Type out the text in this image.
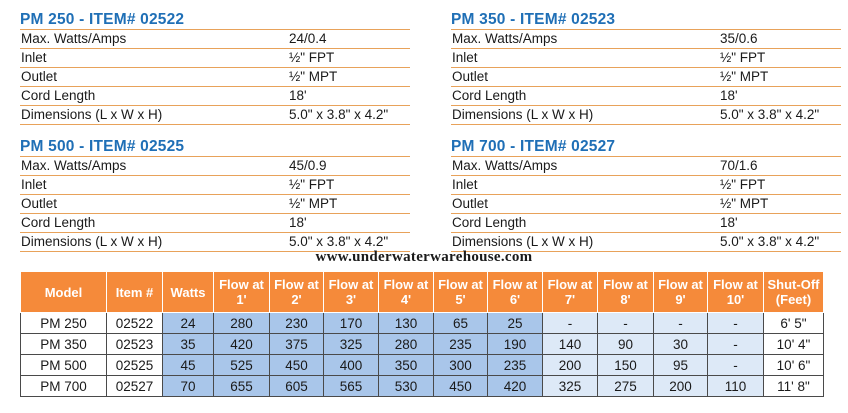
PM 250 - ITEM# 02522
Max. Watts/Amps	24/0.4
Inlet	½" FPT
Outlet	½" MPT
Cord Length	18'
Dimensions (L x W x H)	5.0" x 3.8" x 4.2"
PM 350 - ITEM# 02523
Max. Watts/Amps	35/0.6
Inlet	½" FPT
Outlet	½" MPT
Cord Length	18'
Dimensions (L x W x H)	5.0" x 3.8" x 4.2"
PM 500 - ITEM# 02525
Max. Watts/Amps	45/0.9
Inlet	½" FPT
Outlet	½" MPT
Cord Length	18'
Dimensions (L x W x H)	5.0" x 3.8" x 4.2"
PM 700 - ITEM# 02527
Max. Watts/Amps	70/1.6
Inlet	½" FPT
Outlet	½" MPT
Cord Length	18'
Dimensions (L x W x H)	5.0" x 3.8" x 4.2"
www.underwaterwarehouse.com
Model	Item #	Watts	Flow at 1'	Flow at 2'	Flow at 3'	Flow at 4'	Flow at 5'	Flow at 6'	Flow at 7'	Flow at 8'	Flow at 9'	Flow at 10'	Shut-Off (Feet)
PM 250	02522	24	280	230	170	130	65	25	-	-	-	-	6' 5"
PM 350	02523	35	420	375	325	280	235	190	140	90	30	-	10' 4"
PM 500	02525	45	525	450	400	350	300	235	200	150	95	-	10' 6"
PM 700	02527	70	655	605	565	530	450	420	325	275	200	110	11' 8"
